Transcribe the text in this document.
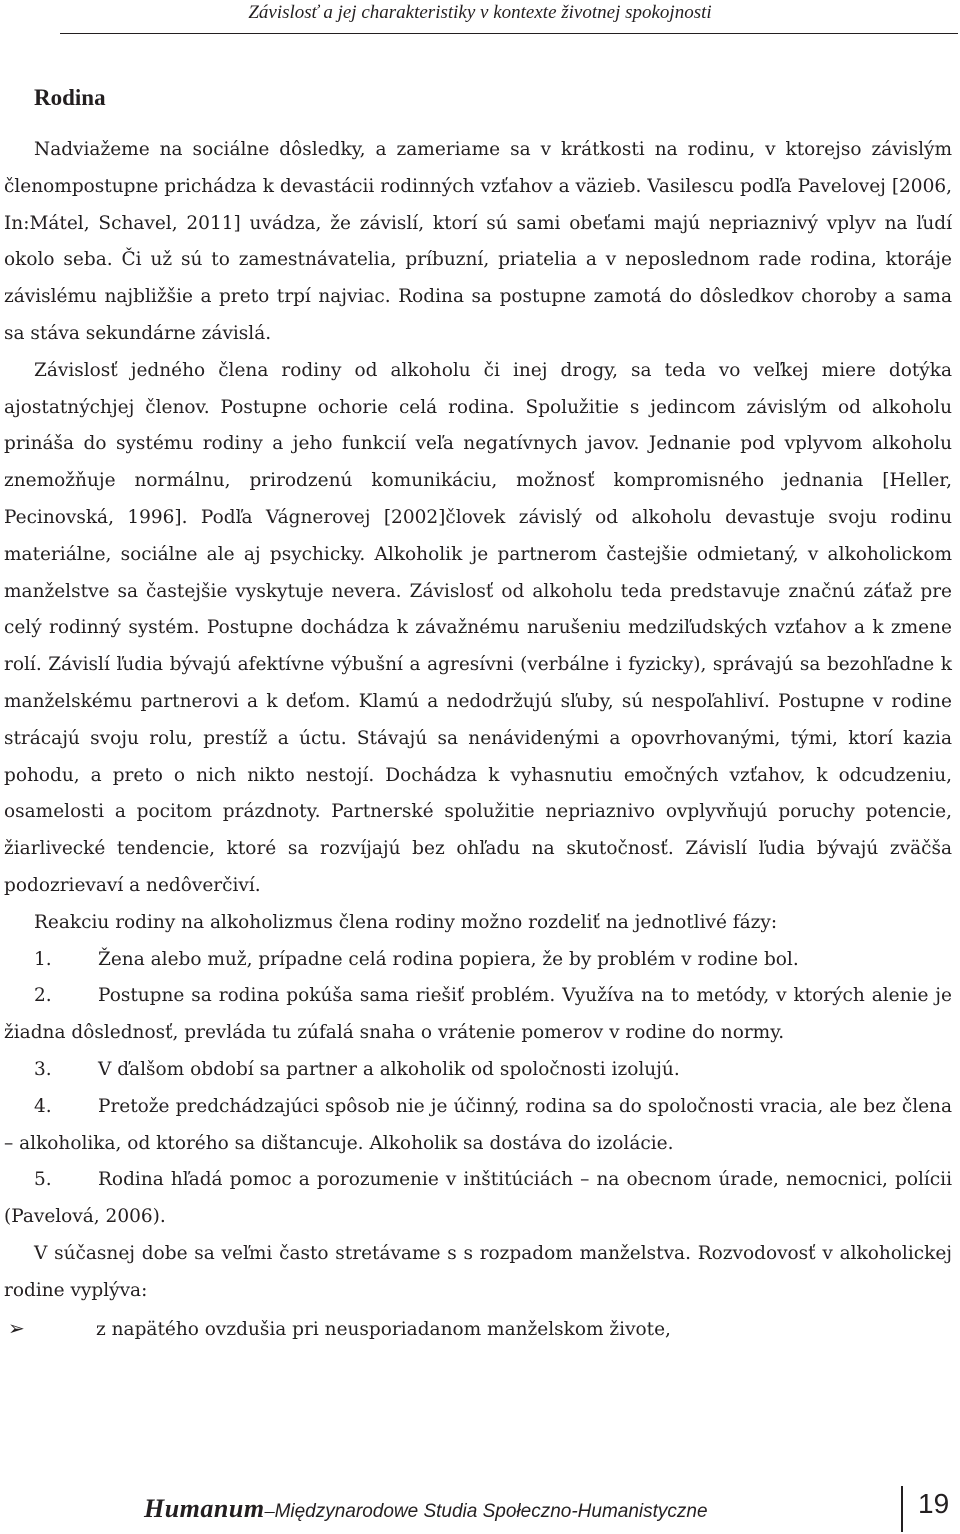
Závislosť a jej charakteristiky v kontexte životnej spokojnosti
Rodina

Nadviažeme na sociálne dôsledky, a zameriame sa v krátkosti na rodinu, v ktorejso závislým členompostupne prichádza k devastácii rodinných vzťahov a väzieb. Vasilescu podľa Pavelovej [2006, In:Mátel, Schavel, 2011] uvádza, že závislí, ktorí sú sami obeťami majú nepriaznivý vplyv na ľudí okolo seba. Či už sú to zamestnávatelia, príbuzní, priatelia a v neposlednom rade rodina, ktoráje závislému najbližšie a preto trpí najviac. Rodina sa postupne zamotá do dôsledkov choroby a sama sa stáva sekundárne závislá.

Závislosť jedného člena rodiny od alkoholu či inej drogy, sa teda vo veľkej miere dotýka ajostatnýchjej členov. Postupne ochorie celá rodina. Spolužitie s jedincom závislým od alkoholu prináša do systému rodiny a jeho funkcií veľa negatívnych javov. Jednanie pod vplyvom alkoholu znemožňuje normálnu, prirodzenú komunikáciu, možnosť kompromisného jednania [Heller, Pecinovská, 1996]. Podľa Vágnerovej [2002]človek závislý od alkoholu devastuje svoju rodinu materiálne, sociálne ale aj psychicky. Alkoholik je partnerom častejšie odmietaný, v alkoholickom manželstve sa častejšie vyskytuje nevera. Závislosť od alkoholu teda predstavuje značnú záťaž pre celý rodinný systém. Postupne dochádza k závažnému narušeniu medziľudských vzťahov a k zmene rolí. Závislí ľudia bývajú afektívne výbušní a agresívni (verbálne i fyzicky), správajú sa bezohľadne k manželskému partnerovi a k deťom. Klamú a nedodržujú sľuby, sú nespoľahliví. Postupne v rodine strácajú svoju rolu, prestíž a úctu. Stávajú sa nenávidenými a opovrhovanými, tými, ktorí kazia pohodu, a preto o nich nikto nestojí. Dochádza k vyhasnutiu emočných vzťahov, k odcudzeniu, osamelosti a pocitom prázdnoty. Partnerské spolužitie nepriaznivo ovplyvňujú poruchy potencie, žiarlivecké tendencie, ktoré sa rozvíjajú bez ohľadu na skutočnosť. Závislí ľudia bývajú zväčša podozrievaví a nedôverčiví.

Reakciu rodiny na alkoholizmus člena rodiny možno rozdeliť na jednotlivé fázy:

1.	Žena alebo muž, prípadne celá rodina popiera, že by problém v rodine bol.
2.	Postupne sa rodina pokúša sama riešiť problém. Využíva na to metódy, v ktorých alenie je žiadna dôslednosť, prevláda tu zúfalá snaha o vrátenie pomerov v rodine do normy.
3.	V ďalšom období sa partner a alkoholik od spoločnosti izolujú.
4.	Pretože predchádzajúci spôsob nie je účinný, rodina sa do spoločnosti vracia, ale bez člena – alkoholika, od ktorého sa dištancuje. Alkoholik sa dostáva do izolácie.
5.	Rodina hľadá pomoc a porozumenie v inštitúciách – na obecnom úrade, nemocnici, polícii (Pavelová, 2006).

V súčasnej dobe sa veľmi často stretávame s s rozpadom manželstva. Rozvodovosť v alkoholickej rodine vyplýva:

➢	z napätého ovzdušia pri neusporiadanom manželskom živote,
Humanum–Międzynarodowe Studia Społeczno-Humanistyczne	19
